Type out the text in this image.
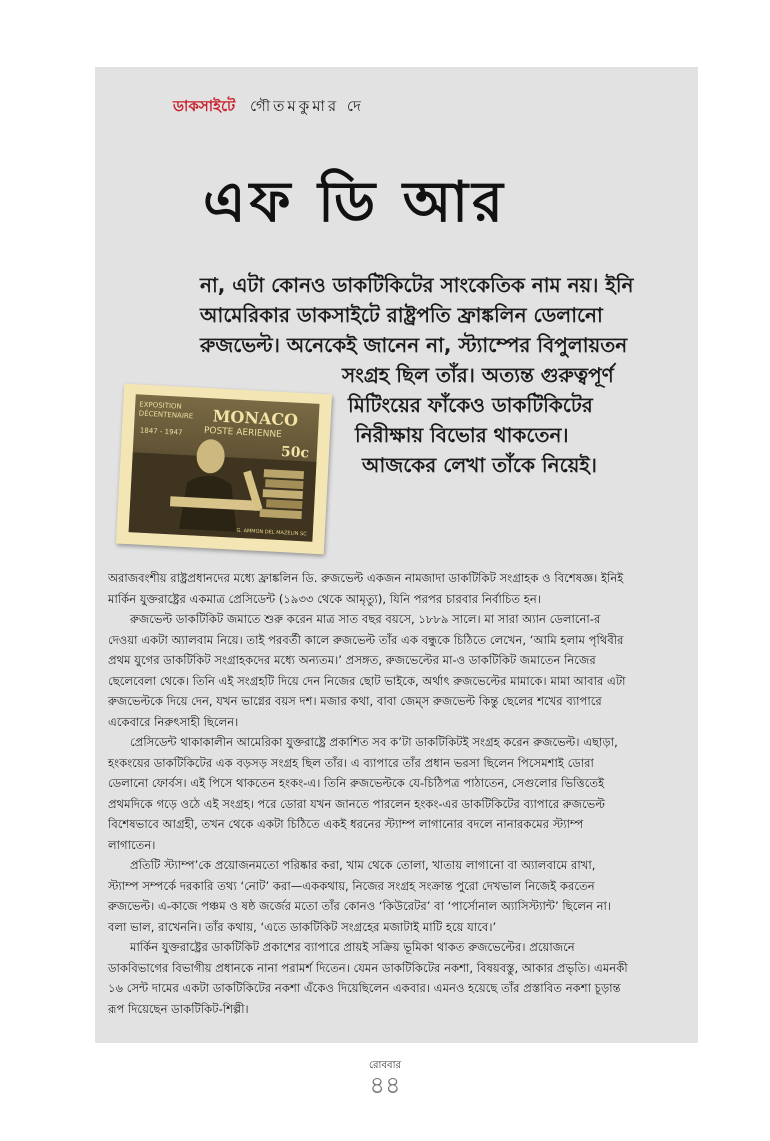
ডাকসাইটে গৌতমকুমার দে
এফ ডি আর
না, এটা কোনও ডাকটিকিটের সাংকেতিক নাম নয়। ইনি
আমেরিকার ডাকসাইটে রাষ্ট্রপতি ফ্রাঙ্কলিন ডেলানো
রুজভেল্ট। অনেকেই জানেন না, স্ট্যাম্পের বিপুলায়তন
সংগ্রহ ছিল তাঁর। অত্যন্ত গুরুত্বপূর্ণ
মিটিংয়ের ফাঁকেও ডাকটিকিটের
নিরীক্ষায় বিভোর থাকতেন।
আজকের লেখা তাঁকে নিয়েই।
EXPOSITION DÉCENTENAIRE
1847 - 1947
MONACO
POSTE AERIENNE
50c
G. AMMON DEL MAZELIN SC

অরাজবংশীয় রাষ্ট্রপ্রধানদের মধ্যে ফ্রাঙ্কলিন ডি. রুজভেল্ট একজন নামজাদা ডাকটিকিট সংগ্রাহক ও বিশেষজ্ঞ। ইনিই মার্কিন যুক্তরাষ্ট্রের একমাত্র প্রেসিডেন্ট (১৯৩৩ থেকে আমৃত্যু), যিনি পরপর চারবার নির্বাচিত হন।

রুজভেল্ট ডাকটিকিট জমাতে শুরু করেন মাত্র সাত বছর বয়সে, ১৮৮৯ সালে। মা সারা অ্যান ডেলানো-র দেওয়া একটা অ্যালবাম নিয়ে। তাই পরবর্তী কালে রুজভেল্ট তাঁর এক বন্ধুকে চিঠিতে লেখেন, ‘আমি হলাম পৃথিবীর প্রথম যুগের ডাকটিকিট সংগ্রাহকদের মধ্যে অন্যতম।’ প্রসঙ্গত, রুজভেল্টের মা-ও ডাকটিকিট জমাতেন নিজের ছেলেবেলা থেকে। তিনি এই সংগ্রহটি দিয়ে দেন নিজের ছোট ভাইকে, অর্থাৎ রুজভেল্টের মামাকে। মামা আবার এটা রুজভেল্টকে দিয়ে দেন, যখন ভাগ্নের বয়স দশ। মজার কথা, বাবা জেম্স রুজভেল্ট কিন্তু ছেলের শখের ব্যাপারে একেবারে নিরুৎসাহী ছিলেন।

প্রেসিডেন্ট থাকাকালীন আমেরিকা যুক্তরাষ্ট্রে প্রকাশিত সব ক’টা ডাকটিকিটই সংগ্রহ করেন রুজভেল্ট। এছাড়া, হংকংয়ের ডাকটিকিটের এক বড়সড় সংগ্রহ ছিল তাঁর। এ ব্যাপারে তাঁর প্রধান ভরসা ছিলেন পিসেমশাই ডোরা ডেলানো ফোর্বস। এই পিসে থাকতেন হংকং-এ। তিনি রুজভেল্টকে যে-চিঠিপত্র পাঠাতেন, সেগুলোর ভিত্তিতেই প্রথমদিকে গড়ে ওঠে এই সংগ্রহ। পরে ডোরা যখন জানতে পারলেন হংকং-এর ডাকটিকিটের ব্যাপারে রুজভেল্ট বিশেষভাবে আগ্রহী, তখন থেকে একটা চিঠিতে একই ধরনের স্ট্যাম্প লাগানোর বদলে নানারকমের স্ট্যাম্প লাগাতেন।

প্রতিটি স্ট্যাম্প’কে প্রয়োজনমতো পরিষ্কার করা, খাম থেকে তোলা, খাতায় লাগানো বা অ্যালবামে রাখা, স্ট্যাম্প সম্পর্কে দরকারি তথ্য ‘নোট’ করা—এককথায়, নিজের সংগ্রহ সংক্রান্ত পুরো দেখভাল নিজেই করতেন রুজভেল্ট। এ-কাজে পঞ্চম ও ষষ্ঠ জর্জের মতো তাঁর কোনও ‘কিউরেটর’ বা ‘পার্সোনাল অ্যাসিস্ট্যান্ট’ ছিলেন না। বলা ভাল, রাখেননি। তাঁর কথায়, ‘এতে ডাকটিকিট সংগ্রহের মজাটাই মাটি হয়ে যাবে।’

মার্কিন যুক্তরাষ্ট্রের ডাকটিকিট প্রকাশের ব্যাপারে প্রায়ই সক্রিয় ভূমিকা থাকত রুজভেল্টের। প্রয়োজনে ডাকবিভাগের বিভাগীয় প্রধানকে নানা পরামর্শ দিতেন। যেমন ডাকটিকিটের নকশা, বিষয়বস্তু, আকার প্রভৃতি। এমনকী ১৬ সেন্ট দামের একটা ডাকটিকিটের নকশা এঁকেও দিয়েছিলেন একবার। এমনও হয়েছে তাঁর প্রস্তাবিত নকশা চূড়ান্ত রূপ দিয়েছেন ডাকটিকিট-শিল্পী।

রোববার
৪৪
